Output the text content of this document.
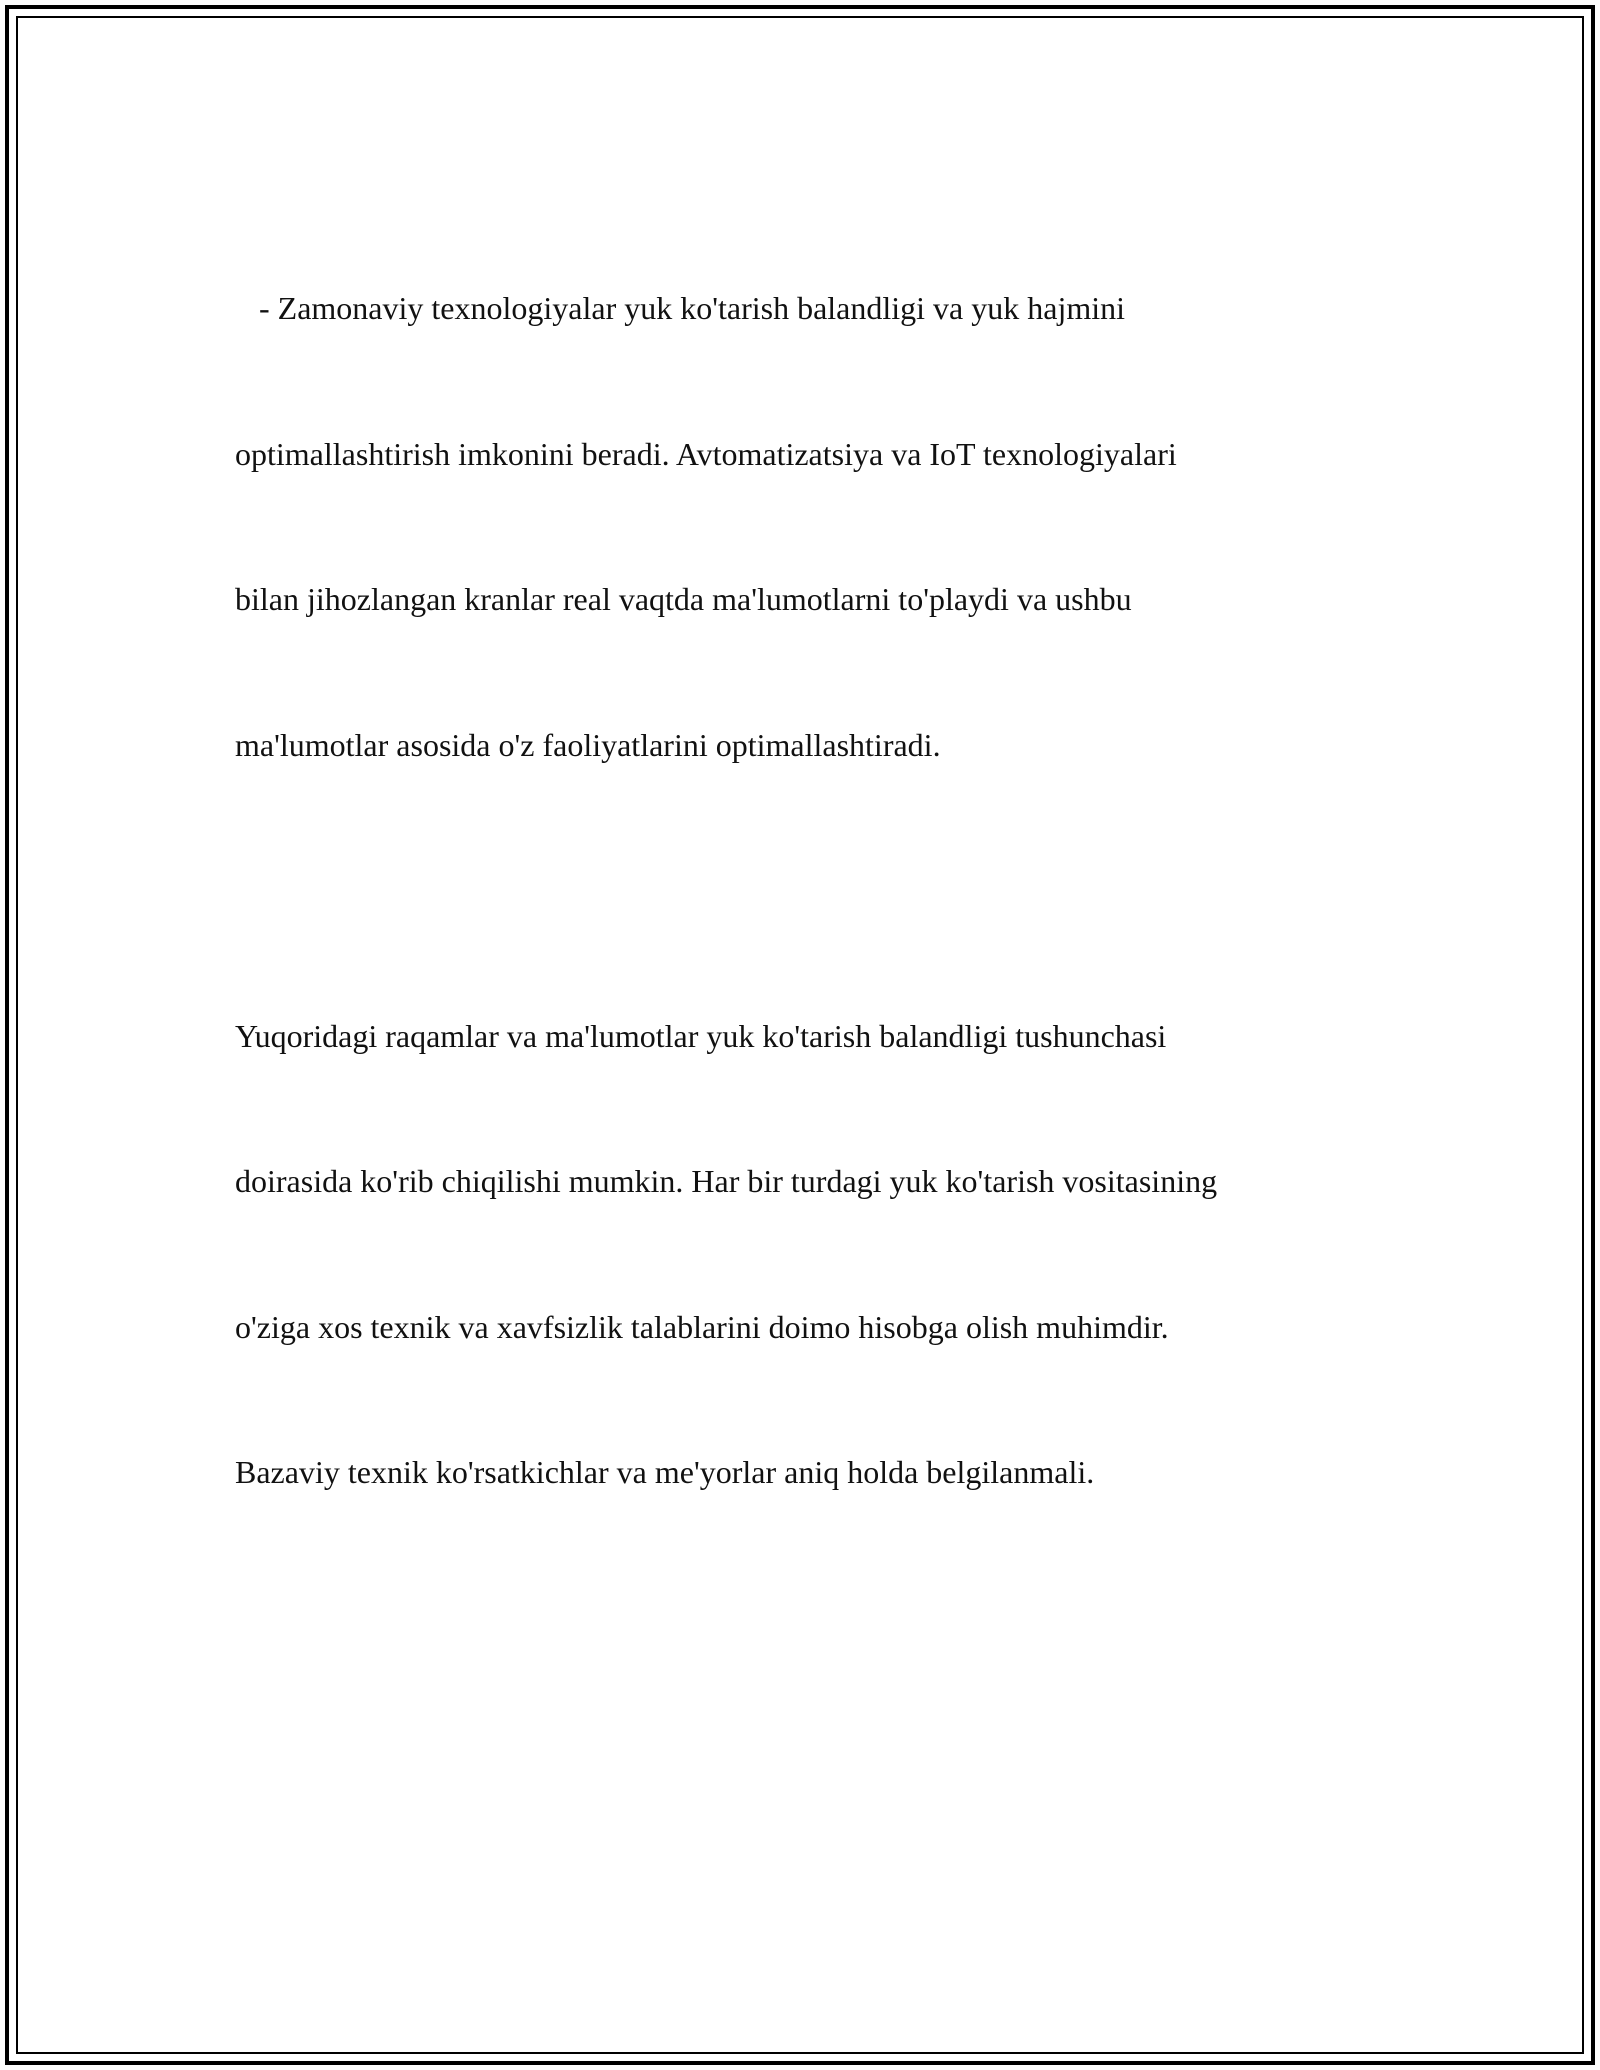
- Zamonaviy texnologiyalar yuk ko'tarish balandligi va yuk hajmini

optimallashtirish imkonini beradi. Avtomatizatsiya va IoT texnologiyalari

bilan jihozlangan kranlar real vaqtda ma'lumotlarni to'playdi va ushbu

ma'lumotlar asosida o'z faoliyatlarini optimallashtiradi.

Yuqoridagi raqamlar va ma'lumotlar yuk ko'tarish balandligi tushunchasi

doirasida ko'rib chiqilishi mumkin. Har bir turdagi yuk ko'tarish vositasining

o'ziga xos texnik va xavfsizlik talablarini doimo hisobga olish muhimdir.

Bazaviy texnik ko'rsatkichlar va me'yorlar aniq holda belgilanmali.
